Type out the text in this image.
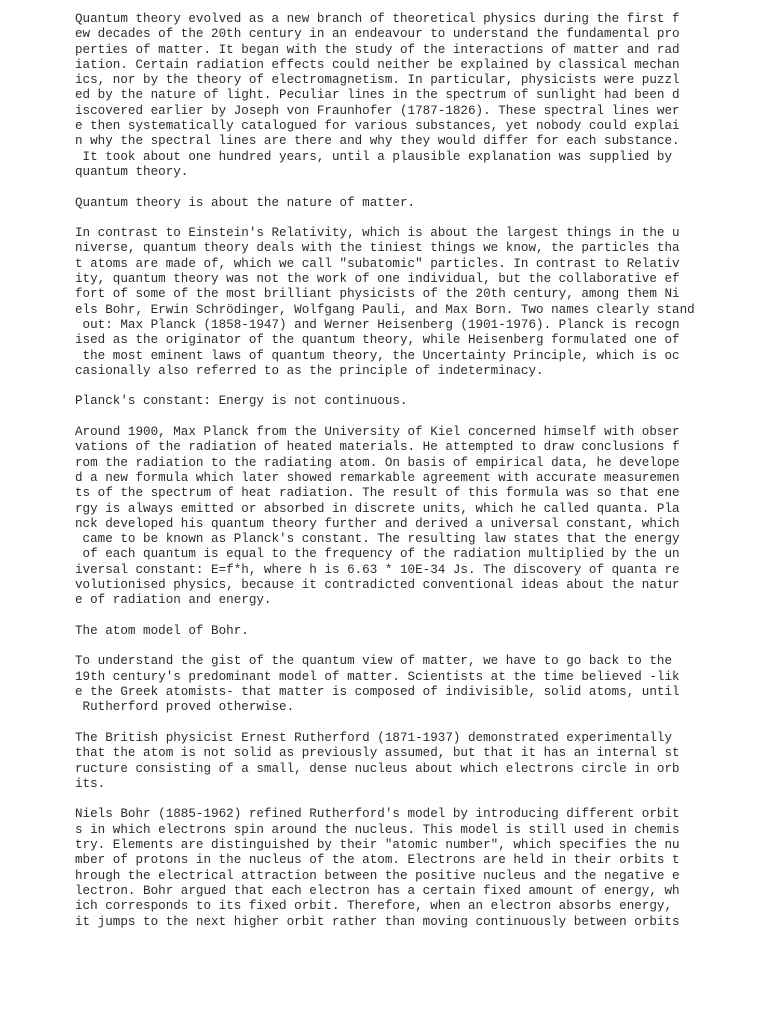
Quantum theory evolved as a new branch of theoretical physics during the first f
ew decades of the 20th century in an endeavour to understand the fundamental pro
perties of matter. It began with the study of the interactions of matter and rad
iation. Certain radiation effects could neither be explained by classical mechan
ics, nor by the theory of electromagnetism. In particular, physicists were puzzl
ed by the nature of light. Peculiar lines in the spectrum of sunlight had been d
iscovered earlier by Joseph von Fraunhofer (1787-1826). These spectral lines wer
e then systematically catalogued for various substances, yet nobody could explai
n why the spectral lines are there and why they would differ for each substance.
It took about one hundred years, until a plausible explanation was supplied by
quantum theory.
Quantum theory is about the nature of matter.
In contrast to Einstein's Relativity, which is about the largest things in the u
niverse, quantum theory deals with the tiniest things we know, the particles tha
t atoms are made of, which we call "subatomic" particles. In contrast to Relativ
ity, quantum theory was not the work of one individual, but the collaborative ef
fort of some of the most brilliant physicists of the 20th century, among them Ni
els Bohr, Erwin Schrödinger, Wolfgang Pauli, and Max Born. Two names clearly stand
out: Max Planck (1858-1947) and Werner Heisenberg (1901-1976). Planck is recogn
ised as the originator of the quantum theory, while Heisenberg formulated one of
the most eminent laws of quantum theory, the Uncertainty Principle, which is oc
casionally also referred to as the principle of indeterminacy.
Planck's constant: Energy is not continuous.
Around 1900, Max Planck from the University of Kiel concerned himself with obser
vations of the radiation of heated materials. He attempted to draw conclusions f
rom the radiation to the radiating atom. On basis of empirical data, he develope
d a new formula which later showed remarkable agreement with accurate measuremen
ts of the spectrum of heat radiation. The result of this formula was so that ene
rgy is always emitted or absorbed in discrete units, which he called quanta. Pla
nck developed his quantum theory further and derived a universal constant, which
came to be known as Planck's constant. The resulting law states that the energy
of each quantum is equal to the frequency of the radiation multiplied by the un
iversal constant: E=f*h, where h is 6.63 * 10E-34 Js. The discovery of quanta re
volutionised physics, because it contradicted conventional ideas about the natur
e of radiation and energy.
The atom model of Bohr.
To understand the gist of the quantum view of matter, we have to go back to the
19th century's predominant model of matter. Scientists at the time believed -lik
e the Greek atomists- that matter is composed of indivisible, solid atoms, until
Rutherford proved otherwise.
The British physicist Ernest Rutherford (1871-1937) demonstrated experimentally
that the atom is not solid as previously assumed, but that it has an internal st
ructure consisting of a small, dense nucleus about which electrons circle in orb
its.
Niels Bohr (1885-1962) refined Rutherford's model by introducing different orbit
s in which electrons spin around the nucleus. This model is still used in chemis
try. Elements are distinguished by their "atomic number", which specifies the nu
mber of protons in the nucleus of the atom. Electrons are held in their orbits t
hrough the electrical attraction between the positive nucleus and the negative e
lectron. Bohr argued that each electron has a certain fixed amount of energy, wh
ich corresponds to its fixed orbit. Therefore, when an electron absorbs energy,
it jumps to the next higher orbit rather than moving continuously between orbits
